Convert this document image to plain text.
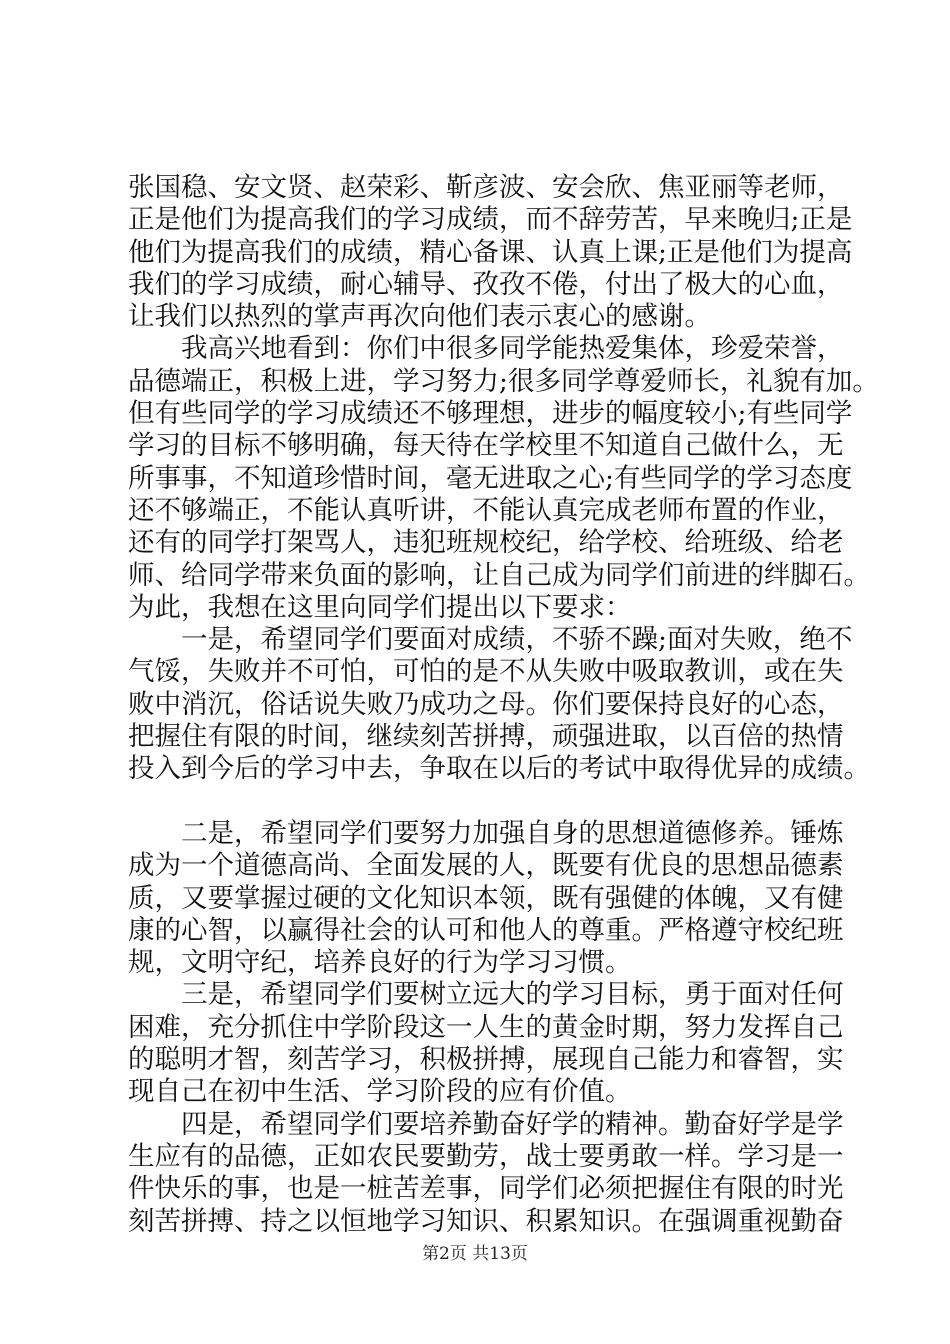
张国稳、安文贤、赵荣彩、靳彦波、安会欣、焦亚丽等老师，
正是他们为提高我们的学习成绩，而不辞劳苦，早来晚归;正是
他们为提高我们的成绩，精心备课、认真上课;正是他们为提高
我们的学习成绩，耐心辅导、孜孜不倦，付出了极大的心血，
让我们以热烈的掌声再次向他们表示衷心的感谢。
　　我高兴地看到：你们中很多同学能热爱集体，珍爱荣誉，
品德端正，积极上进，学习努力;很多同学尊爱师长，礼貌有加。
但有些同学的学习成绩还不够理想，进步的幅度较小;有些同学
学习的目标不够明确，每天待在学校里不知道自己做什么，无
所事事，不知道珍惜时间，毫无进取之心;有些同学的学习态度
还不够端正，不能认真听讲，不能认真完成老师布置的作业，
还有的同学打架骂人，违犯班规校纪，给学校、给班级、给老
师、给同学带来负面的影响，让自己成为同学们前进的绊脚石。
为此，我想在这里向同学们提出以下要求：
　　一是，希望同学们要面对成绩，不骄不躁;面对失败，绝不
气馁，失败并不可怕，可怕的是不从失败中吸取教训，或在失
败中消沉，俗话说失败乃成功之母。你们要保持良好的心态，
把握住有限的时间，继续刻苦拼搏，顽强进取，以百倍的热情
投入到今后的学习中去，争取在以后的考试中取得优异的成绩。
　　二是，希望同学们要努力加强自身的思想道德修养。锤炼
成为一个道德高尚、全面发展的人，既要有优良的思想品德素
质，又要掌握过硬的文化知识本领，既有强健的体魄，又有健
康的心智，以赢得社会的认可和他人的尊重。严格遵守校纪班
规，文明守纪，培养良好的行为学习习惯。
　　三是，希望同学们要树立远大的学习目标，勇于面对任何
困难，充分抓住中学阶段这一人生的黄金时期，努力发挥自己
的聪明才智，刻苦学习，积极拼搏，展现自己能力和睿智，实
现自己在初中生活、学习阶段的应有价值。
　　四是，希望同学们要培养勤奋好学的精神。勤奋好学是学
生应有的品德，正如农民要勤劳，战士要勇敢一样。学习是一
件快乐的事，也是一桩苦差事，同学们必须把握住有限的时光
刻苦拼搏、持之以恒地学习知识、积累知识。在强调重视勤奋
第2页 共13页
